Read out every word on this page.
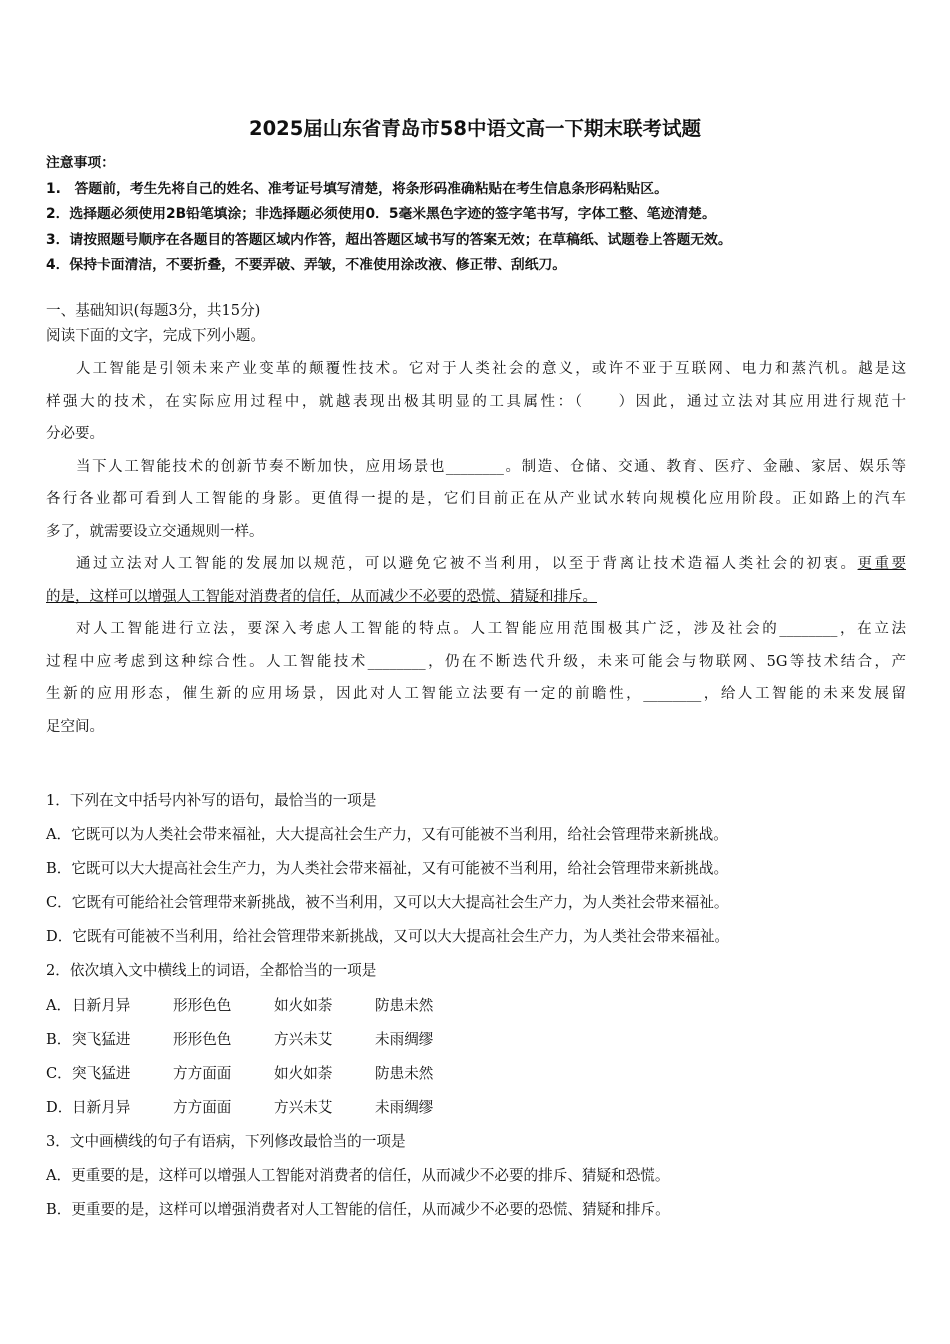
2025届山东省青岛市58中语文高一下期末联考试题
注意事项：
1.　答题前，考生先将自己的姓名、准考证号填写清楚，将条形码准确粘贴在考生信息条形码粘贴区。
2．选择题必须使用2B铅笔填涂；非选择题必须使用0．5毫米黑色字迹的签字笔书写，字体工整、笔迹清楚。
3．请按照题号顺序在各题目的答题区域内作答，超出答题区域书写的答案无效；在草稿纸、试题卷上答题无效。
4．保持卡面清洁，不要折叠，不要弄破、弄皱，不准使用涂改液、修正带、刮纸刀。
一、基础知识(每题3分，共15分)
阅读下面的文字，完成下列小题。
人工智能是引领未来产业变革的颠覆性技术。它对于人类社会的意义，或许不亚于互联网、电力和蒸汽机。越是这
样强大的技术，在实际应用过程中，就越表现出极其明显的工具属性：（　　）因此，通过立法对其应用进行规范十
分必要。
当下人工智能技术的创新节奏不断加快，应用场景也________。制造、仓储、交通、教育、医疗、金融、家居、娱乐等
各行各业都可看到人工智能的身影。更值得一提的是，它们目前正在从产业试水转向规模化应用阶段。正如路上的汽车
多了，就需要设立交通规则一样。
通过立法对人工智能的发展加以规范，可以避免它被不当利用，以至于背离让技术造福人类社会的初衷。更重要
的是，这样可以增强人工智能对消费者的信任，从而减少不必要的恐慌、猜疑和排斥。
对人工智能进行立法，要深入考虑人工智能的特点。人工智能应用范围极其广泛，涉及社会的________，在立法
过程中应考虑到这种综合性。人工智能技术________，仍在不断迭代升级，未来可能会与物联网、5G等技术结合，产
生新的应用形态，催生新的应用场景，因此对人工智能立法要有一定的前瞻性，________，给人工智能的未来发展留
足空间。
1．下列在文中括号内补写的语句，最恰当的一项是
A．它既可以为人类社会带来福祉，大大提高社会生产力，又有可能被不当利用，给社会管理带来新挑战。
B．它既可以大大提高社会生产力，为人类社会带来福祉，又有可能被不当利用，给社会管理带来新挑战。
C．它既有可能给社会管理带来新挑战，被不当利用，又可以大大提高社会生产力，为人类社会带来福祉。
D．它既有可能被不当利用，给社会管理带来新挑战，又可以大大提高社会生产力，为人类社会带来福祉。
2．依次填入文中横线上的词语，全都恰当的一项是
A．日新月异	形形色色	如火如荼	防患未然
B．突飞猛进	形形色色	方兴未艾	未雨绸缪
C．突飞猛进	方方面面	如火如荼	防患未然
D．日新月异	方方面面	方兴未艾	未雨绸缪
3．文中画横线的句子有语病，下列修改最恰当的一项是
A．更重要的是，这样可以增强人工智能对消费者的信任，从而减少不必要的排斥、猜疑和恐慌。
B．更重要的是，这样可以增强消费者对人工智能的信任，从而减少不必要的恐慌、猜疑和排斥。
